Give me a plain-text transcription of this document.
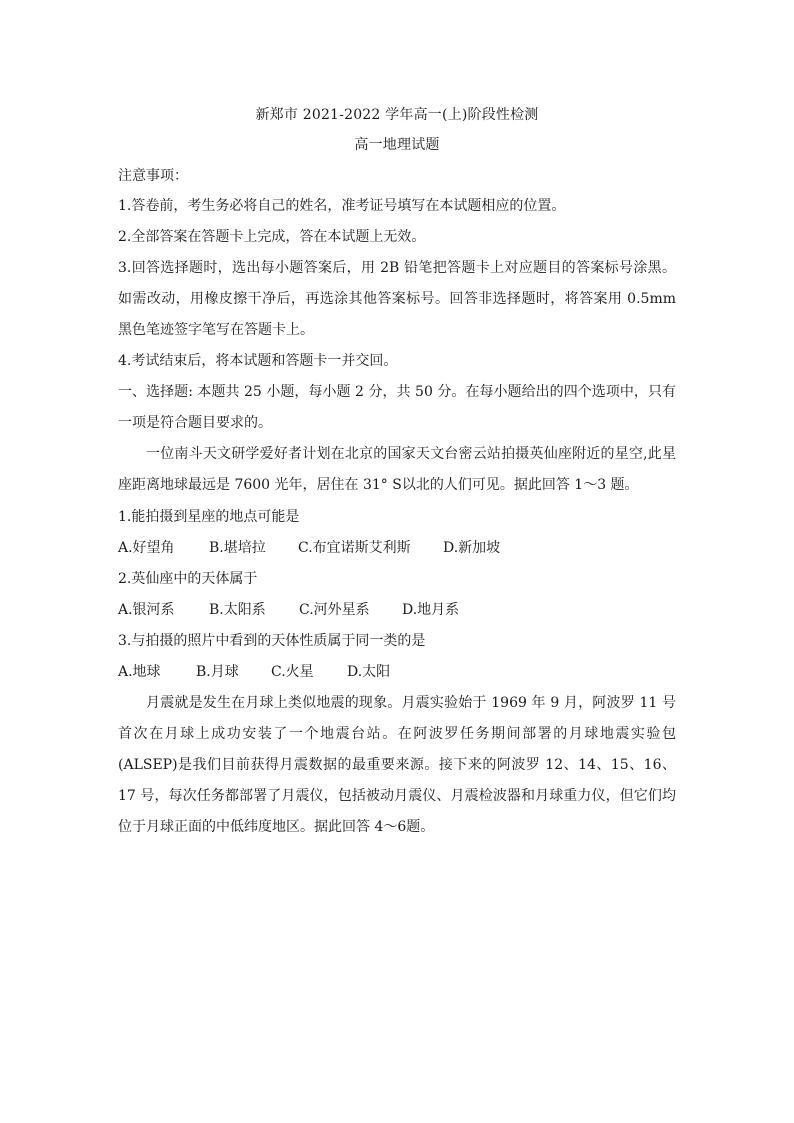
新郑市 2021-2022 学年高一(上)阶段性检测
高一地理试题
注意事项：
1.答卷前，考生务必将自己的姓名，准考证号填写在本试题相应的位置。
2.全部答案在答题卡上完成，答在本试题上无效。
3.回答选择题时，选出每小题答案后，用 2B 铅笔把答题卡上对应题目的答案标号涂黑。如需改动，用橡皮擦干净后，再选涂其他答案标号。回答非选择题时，将答案用 0.5mm 黑色笔迹签字笔写在答题卡上。
4.考试结束后，将本试题和答题卡一并交回。
一、选择题: 本题共 25 小题，每小题 2 分，共 50 分。在每小题给出的四个选项中，只有一项是符合题目要求的。
一位南斗天文研学爱好者计划在北京的国家天文台密云站拍摄英仙座附近的星空,此星座距离地球最远是 7600 光年，居住在 31° S以北的人们可见。据此回答 1～3 题。
1.能拍摄到星座的地点可能是
A.好望角 B.堪培拉 C.布宜诺斯艾利斯 D.新加坡
2.英仙座中的天体属于
A.银河系 B.太阳系 C.河外星系 D.地月系
3.与拍摄的照片中看到的天体性质属于同一类的是
A.地球	B.月球 C.火星 D.太阳
月震就是发生在月球上类似地震的现象。月震实验始于 1969 年 9 月，阿波罗 11 号首次在月球上成功安装了一个地震台站。在阿波罗任务期间部署的月球地震实验包(ALSEP)是我们目前获得月震数据的最重要来源。接下来的阿波罗 12、14、15、16、17 号，每次任务都部署了月震仪，包括被动月震仪、月震检波器和月球重力仪，但它们均位于月球正面的中低纬度地区。据此回答 4～6题。
